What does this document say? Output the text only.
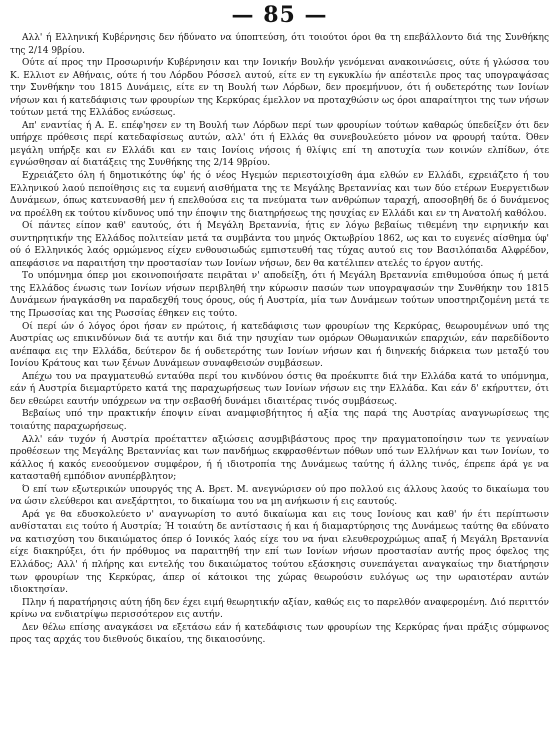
— 85 —

Αλλ' ή Ελληνική Κυβέρνησις δεν ήδύνατο να ύποπτεύση, ότι τοιούτοι όροι θα τη επεβάλλοντο διά της Συνθήκης της 2/14 9βρίου.

Ούτε αί προς την Προσωρινήν Κυβέρνησιν και την Ιονικήν Βουλήν γενόμεναι ανακοινώσεις, ούτε ή γλώσσα του Κ. Ελλιοτ εν Αθήναις, ούτε ή του Λόρδου Ρόσσελ αυτού, είτε εν τη εγκυκλίω ήν απέστειλε προς τας υπογραψάσας την Συνθήκην του 1815 Δυνάμεις, είτε εν τη Βουλή των Λόρδων, δεν προεμήνυον, ότι ή ουδετερότης των Ιονίων νήσων και ή κατεδάφισις των φρουρίων της Κερκύρας έμελλον να προταχθώσιν ως όροι απαραίτητοι της των νήσων τούτων μετά της Ελλάδος ενώσεως.

Απ' εναντίας ή Α. Ε. επέφ'ησεν εν τη Βουλή των Λόρδων περί των φρουρίων τούτων καθαρώς ύπεδείξεν ότι δεν υπήρχε πρόθεσις περί κατεδαφίσεως αυτών, αλλ' ότι ή Ελλάς θα συνεβουλεύετο μόνον να φρουρή ταύτα. Όθεν μεγάλη υπήρξε και εν Ελλάδι και εν ταις Ιονίοις νήσοις ή θλίψις επί τη αποτυχία των κοινών ελπίδων, ότε εγνώσθησαν αί διατάξεις της Συνθήκης της 2/14 9βρίου.

Εχρειάζετο όλη ή δημοτικότης ύφ' ής ό νέος Ηγεμών περιεστοιχίσθη άμα ελθών εν Ελλάδι, εχρειάζετο ή του Ελληνικού λαού πεποίθησις εις τα ευμενή αισθήματα της τε Μεγάλης Βρεταννίας και των δύο ετέρων Ευεργετιδων Δυνάμεων, όπως κατευνασθή μεν ή επελθούσα εις τα πνεύματα των ανθρώπων ταραχή, αποσοβηθή δε ό δυνάμενος να προέλθη εκ τούτου κίνδυνος υπό την έποψιν της διατηρήσεως της ησυχίας εν Ελλάδι και εν τη Ανατολή καθόλου.

Οί πάντες είπον καθ' εαυτούς, ότι ή Μεγάλη Βρεταννία, ήτις εν λόγω βεβαίως τιθεμένη την ειρηνικήν και συντηρητικήν της Ελλάδος πολιτείαν μετά τα συμβάντα του μηνός Οκτωβρίου 1862, ως και το ευγενές αίσθημα ύφ' ού ό Ελληνικός λαός ορμώμενος είχεν ενθουσιωδώς εμπιστευθή τας τύχας αυτού εις τον Βασιλόπαιδα Αλφρέδον, απεφάσισε να παραιτήση την προστασίαν των Ιονίων νήσων, δεν θα κατέλιπεν ατελές το έργον αυτής.

Το υπόμνημα όπερ μοι εκοινοποιήσατε πειρᾶται ν' αποδείξη, ότι ή Μεγάλη Βρεταννία επιθυμούσα όπως ή μετά της Ελλάδος ένωσις των Ιονίων νήσων περιβληθή την κύρωσιν πασών των υπογραψασών την Συνθήκην του 1815 Δυνάμεων ήναγκάσθη να παραδεχθή τους όρους, ούς ή Αυστρία, μία των Δυνάμεων τούτων υποστηριζομένη μετά τε της Πρωσσίας και της Ρωσσίας έθηκεν εις τούτο.

Οί περί ών ό λόγος όροι ήσαν εν πρώτοις, ή κατεδάφισις των φρουρίων της Κερκύρας, θεωρουμένων υπό της Αυστρίας ως επικινδύνων διά τε αυτήν και διά την ησυχίαν των ομόρων Οθωμανικών επαρχιών, εάν παρεδίδοντο ανέπαφα εις την Ελλάδα, δεύτερον δε ή ουδετερότης των Ιονίων νήσων και ή διηνεκής διάρκεια των μεταξύ του Ιονίου Κράτους και των ξένων Δυνάμεων συναφθεισών συμβάσεων.

Απέχω του να πραγματευθώ ενταύθα περί του κινδύνου όστις θα προέκυπτε διά την Ελλάδα κατά το υπόμνημα, εάν ή Αυστρία διεμαρτύρετο κατά της παραχωρήσεως των Ιονίων νήσων εις την Ελλάδα. Και εάν δ' εκήρυττεν, ότι δεν εθεώρει εαυτήν υπόχρεων να την σεβασθή δυνάμει ιδιαιτέρας τινός συμβάσεως.

Βεβαίως υπό την πρακτικήν έποψιν είναι αναμφισβήτητος ή αξία της παρά της Αυστρίας αναγνωρίσεως της τοιαύτης παραχωρήσεως.

Αλλ' εάν τυχόν ή Αυστρία προέταττεν αξιώσεις ασυμβιβάστους προς την πραγματοποίησιν των τε γενναίων προθέσεων της Μεγάλης Βρεταννίας και των πανδήμως εκφρασθέντων πόθων υπό των Ελλήνων και των Ιονίων, το κάλλος ή κακός ενεοούμενον συμφέρον, ή ή ιδιοτροπία της Δυνάμεως ταύτης ή άλλης τινός, έπρεπε άρά γε να κατασταθή εμπόδιον ανυπέρβλητον;

Ό επί των εξωτερικών υπουργός της Α. Βρετ. Μ. ανεγνώρισεν ού προ πολλού εις άλλους λαούς το δικαίωμα του να ώσιν ελεύθεροι και ανεξάρτητοι, το δικαίωμα του να μη ανήκωσιν ή εις εαυτούς.

Αρά γε θα εδυσκολεύετο ν' αναγνωρίση το αυτό δικαίωμα και εις τους Ιονίους και καθ' ήν έτι περίπτωσιν ανθίσταται εις τούτο ή Αυστρία; Ή τοιαύτη δε αντίστασις ή και ή διαμαρτύρησις της Δυνάμεως ταύτης θα εδύνατο να κατισχύση του δικαιώματος όπερ ό Ιονικός λαός είχε του να ήναι ελευθεροχρώμως απαξ ή Μεγάλη Βρεταννία είχε διακηρύξει, ότι ήν πρόθυμος να παραιτηθή την επί των Ιονίων νήσων προστασίαν αυτής προς όφελος της Ελλάδος; Αλλ' ή πλήρης και εντελής του δικαιώματος τούτου εξάσκησις συνεπάγεται αναγκαίως την διατήρησιν των φρουρίων της Κερκύρας, άπερ οί κάτοικοι της χώρας θεωρούσιν ευλόγως ως την ωραιοτέραν αυτών ιδιοκτησίαν.

Πλην ή παρατήρησις αύτη ήδη δεν έχει ειμή θεωρητικήν αξίαν, καθώς εις το παρελθόν αναφερομένη. Διό περιττόν κρίνω να ενδιατρίψω περισσότερον εις αυτήν.

Δεν θέλω επίσης αναγκάσει να εξετάσω εάν ή κατεδάφισις των φρουρίων της Κερκύρας ήναι πράξις σύμφωνος προς τας αρχάς του διεθνούς δικαίου, της δικαιοσύνης.
